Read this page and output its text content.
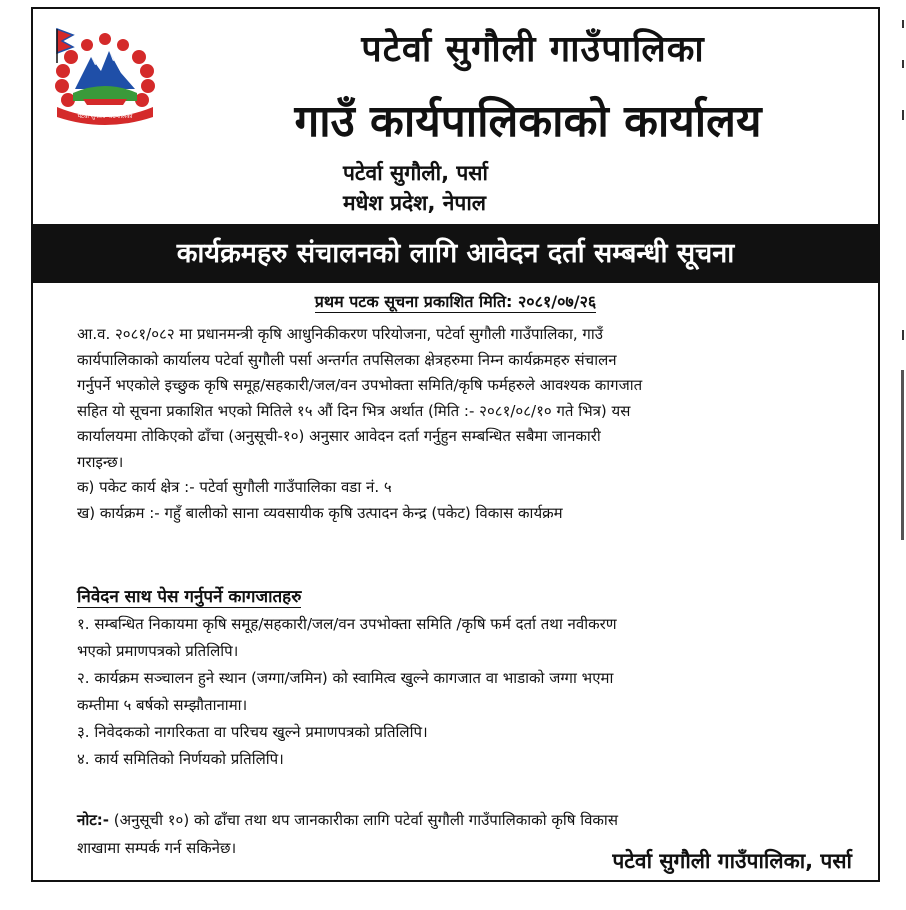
पटेर्वा सुगौली गाउँपालिका
पटेर्वा सुगौली गाउँपालिका
गाउँ कार्यपालिकाको कार्यालय
पटेर्वा सुगौली, पर्सा
मधेश प्रदेश, नेपाल
कार्यक्रमहरु संचालनको लागि आवेदन दर्ता सम्बन्धी सूचना
प्रथम पटक सूचना प्रकाशित मिति: २०८१/०७/२६
आ.व. २०८१/०८२ मा प्रधानमन्त्री कृषि आधुनिकीकरण परियोजना, पटेर्वा सुगौली गाउँपालिका, गाउँ
कार्यपालिकाको कार्यालय पटेर्वा सुगौली पर्सा अन्तर्गत तपसिलका क्षेत्रहरुमा निम्न कार्यक्रमहरु संचालन
गर्नुपर्ने भएकोले इच्छुक कृषि समूह/सहकारी/जल/वन उपभोक्ता समिति/कृषि फर्महरुले आवश्यक कागजात
सहित यो सूचना प्रकाशित भएको मितिले १५ औं दिन भित्र अर्थात (मिति :- २०८१/०८/१० गते भित्र) यस
कार्यालयमा तोकिएको ढाँचा (अनुसूची-१०) अनुसार आवेदन दर्ता गर्नुहुन सम्बन्धित सबैमा जानकारी
गराइन्छ।
क) पकेट कार्य क्षेत्र :- पटेर्वा सुगौली गाउँपालिका वडा नं. ५
ख) कार्यक्रम :- गहुँ बालीको साना व्यवसायीक कृषि उत्पादन केन्द्र (पकेट) विकास कार्यक्रम
निवेदन साथ पेस गर्नुपर्ने कागजातहरु
१. सम्बन्धित निकायमा कृषि समूह/सहकारी/जल/वन उपभोक्ता समिति /कृषि फर्म दर्ता तथा नवीकरण
भएको प्रमाणपत्रको प्रतिलिपि।
२. कार्यक्रम सञ्चालन हुने स्थान (जग्गा/जमिन) को स्वामित्व खुल्ने कागजात वा भाडाको जग्गा भएमा
कम्तीमा ५ बर्षको सम्झौतानामा।
३. निवेदकको नागरिकता वा परिचय खुल्ने प्रमाणपत्रको प्रतिलिपि।
४. कार्य समितिको निर्णयको प्रतिलिपि।
नोट:- (अनुसूची १०) को ढाँचा तथा थप जानकारीका लागि पटेर्वा सुगौली गाउँपालिकाको कृषि विकास
शाखामा सम्पर्क गर्न सकिनेछ।
पटेर्वा सुगौली गाउँपालिका, पर्सा
